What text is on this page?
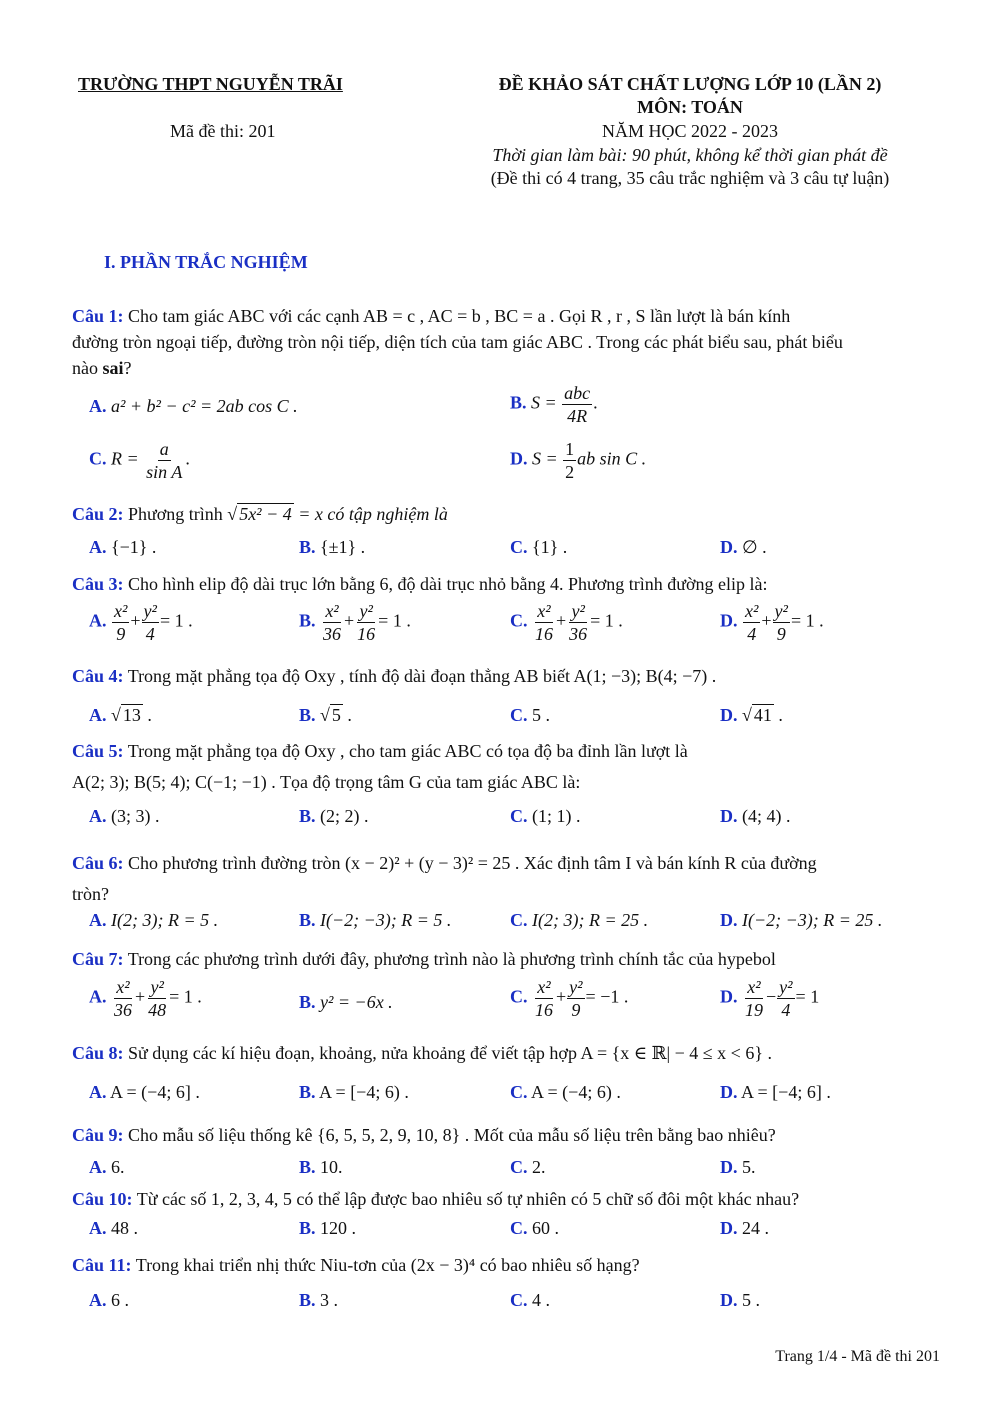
TRƯỜNG THPT NGUYỄN TRÃI	ĐỀ KHẢO SÁT CHẤT LƯỢNG LỚP 10 (LẦN 2)
MÔN: TOÁN
Mã đề thi: 201	NĂM HỌC 2022 - 2023
Thời gian làm bài: 90 phút, không kể thời gian phát đề
(Đề thi có 4 trang, 35 câu trắc nghiệm và 3 câu tự luận)
I. PHẦN TRẮC NGHIỆM
Câu 1: Cho tam giác ABC với các cạnh AB = c , AC = b , BC = a . Gọi R , r , S lần lượt là bán kính
đường tròn ngoại tiếp, đường tròn nội tiếp, diện tích của tam giác ABC . Trong các phát biểu sau, phát biểu
nào sai?
A. a² + b² − c² = 2ab cos C .	B. $S = \frac{\text{abc}}{4R}$ .
C. $R = \frac{a}{\text{sin A}}$ .	D. $S = \frac{1}{2}$ ab sin C .
Câu 2: Phương trình √ 5x² − 4 = x có tập nghiệm là
A. {−1} .	B. {±1} .	C. {1} .	D. ∅ .
Câu 3: Cho hình elip độ dài trục lớn bằng 6, độ dài trục nhỏ bằng 4. Phương trình đường elip là:
A. $\frac{\text{x²}}{9} + \frac{\text{y²}}{4} = 1$ .	B. $\frac{\text{x²}}{36} + \frac{\text{y²}}{16} = 1$ .	C. $\frac{\text{x²}}{16} + \frac{\text{y²}}{36} = 1$ .	D. $\frac{\text{x²}}{4} + \frac{\text{y²}}{9} = 1$ .
Câu 4: Trong mặt phẳng tọa độ Oxy , tính độ dài đoạn thẳng AB biết A(1; −3); B(4; −7) .
A. √ 13 .	B. √ 5 .	C. 5 .	D. √ 41 .
Câu 5: Trong mặt phẳng tọa độ Oxy , cho tam giác ABC có tọa độ ba đỉnh lần lượt là
A(2; 3); B(5; 4); C(−1; −1) . Tọa độ trọng tâm G của tam giác ABC là:
A. (3; 3) .	B. (2; 2) .	C. (1; 1) .	D. (4; 4) .
Câu 6: Cho phương trình đường tròn (x − 2)² + (y − 3)² = 25 . Xác định tâm I và bán kính R của đường
tròn?
A. I(2; 3); R = 5 .	B. I(−2; −3); R = 5 .	C. I(2; 3); R = 25 .	D. I(−2; −3); R = 25 .
Câu 7: Trong các phương trình dưới đây, phương trình nào là phương trình chính tắc của hypebol
A. $\frac{\text{x²}}{36} + \frac{\text{y²}}{48} = 1$ .	B. y² = −6x .	C. $\frac{\text{x²}}{16} + \frac{\text{y²}}{9} = -1$ .	D. $\frac{\text{x²}}{19} - \frac{\text{y²}}{4} = 1$
Câu 8: Sử dụng các kí hiệu đoạn, khoảng, nửa khoảng để viết tập hợp A = {x ∈ ℝ| − 4 ≤ x < 6} .
A. A = (−4; 6] .	B. A = [−4; 6) .	C. A = (−4; 6) .	D. A = [−4; 6] .
Câu 9: Cho mẫu số liệu thống kê {6, 5, 5, 2, 9, 10, 8} . Mốt của mẫu số liệu trên bằng bao nhiêu?
A. 6.	B. 10.	C. 2.	D. 5.
Câu 10: Từ các số 1, 2, 3, 4, 5 có thể lập được bao nhiêu số tự nhiên có 5 chữ số đôi một khác nhau?
A. 48 .	B. 120 .	C. 60 .	D. 24 .
Câu 11: Trong khai triển nhị thức Niu-tơn của (2x − 3)⁴ có bao nhiêu số hạng?
A. 6 .	B. 3 .	C. 4 .	D. 5 .
Trang 1/4 - Mã đề thi 201
